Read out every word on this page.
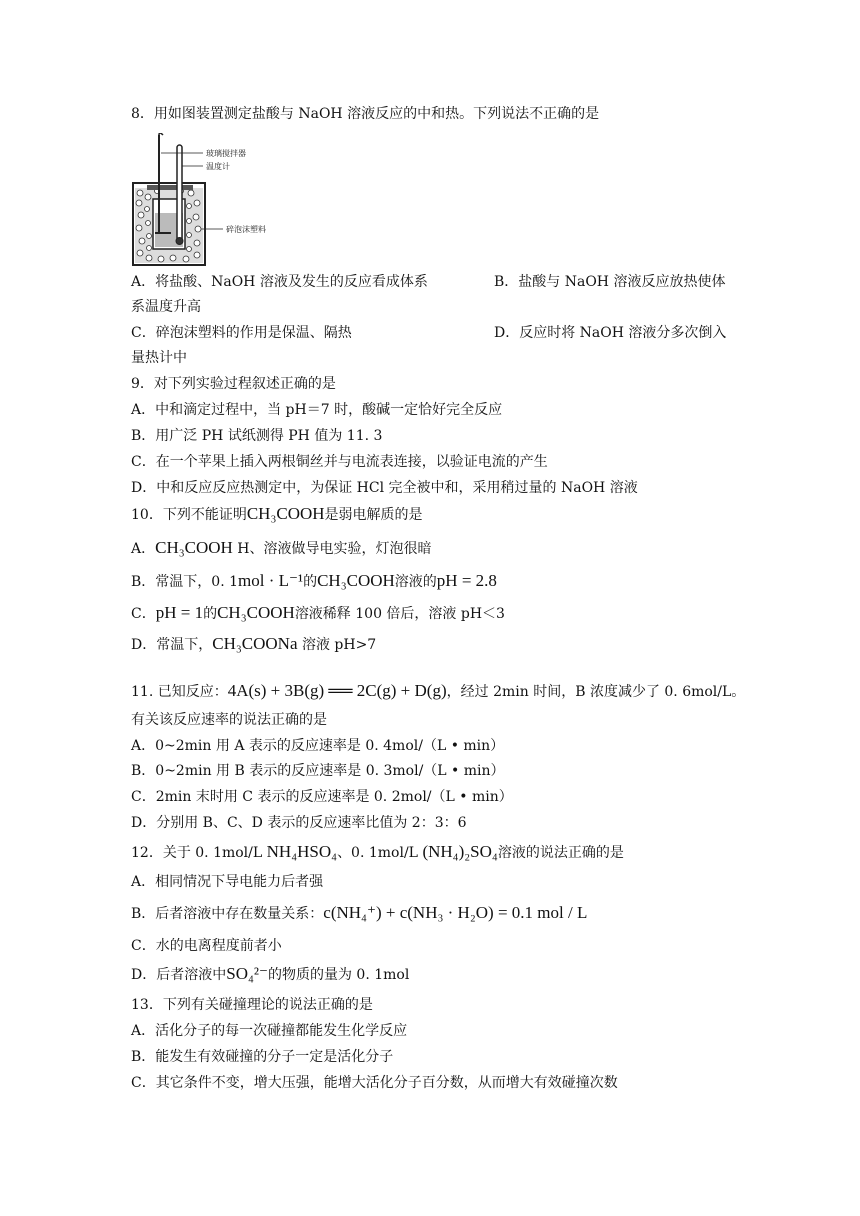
8．用如图装置测定盐酸与 NaOH 溶液反应的中和热。下列说法不正确的是
玻璃搅拌器
温度计
碎泡沫塑料
A．将盐酸、NaOH 溶液及发生的反应看成体系	B．盐酸与 NaOH 溶液反应放热使体
系温度升高
C．碎泡沫塑料的作用是保温、隔热	D．反应时将 NaOH 溶液分多次倒入
量热计中
9．对下列实验过程叙述正确的是
A．中和滴定过程中，当 pH＝7 时，酸碱一定恰好完全反应
B．用广泛 PH 试纸测得 PH 值为 11. 3
C．在一个苹果上插入两根铜丝并与电流表连接，以验证电流的产生
D．中和反应反应热测定中，为保证 HCl 完全被中和，采用稍过量的 NaOH 溶液
10．下列不能证明CH₃COOH是弱电解质的是
A．CH₃COOH H、溶液做导电实验，灯泡很暗
B．常温下，0. 1mol · L⁻¹的CH₃COOH溶液的pH = 2.8
C．pH = 1的CH₃COOH溶液稀释 100 倍后，溶液 pH＜3
D．常温下，CH₃COONa 溶液 pH>7
11. 已知反应：4A(s) + 3B(g) ══ 2C(g) + D(g)，经过 2min 时间，B 浓度减少了 0. 6mol/L。
有关该反应速率的说法正确的是
A．0~2min 用 A 表示的反应速率是 0. 4mol/（L • min）
B．0~2min 用 B 表示的反应速率是 0. 3mol/（L • min）
C．2min 末时用 C 表示的反应速率是 0. 2mol/（L • min）
D．分别用 B、C、D 表示的反应速率比值为 2：3：6
12．关于 0. 1mol/L NH₄HSO₄、0. 1mol/L (NH₄)₂SO₄溶液的说法正确的是
A．相同情况下导电能力后者强
B．后者溶液中存在数量关系：c(NH₄⁺) + c(NH₃ · H₂O) = 0.1 mol / L
C．水的电离程度前者小
D．后者溶液中SO₄²⁻的物质的量为 0. 1mol
13．下列有关碰撞理论的说法正确的是
A．活化分子的每一次碰撞都能发生化学反应
B．能发生有效碰撞的分子一定是活化分子
C．其它条件不变，增大压强，能增大活化分子百分数，从而增大有效碰撞次数
